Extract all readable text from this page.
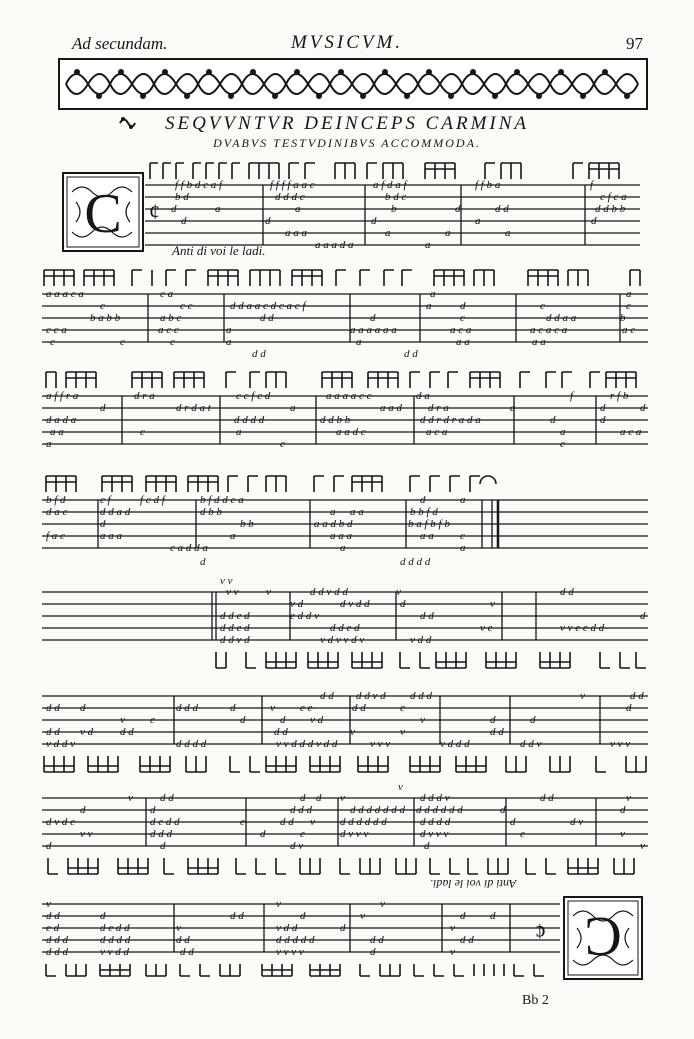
Ad secundam.	MVSICVM.	97
SEQVVNTVR DEINCEPS CARMINA
DVABVS TESTVDINIBVS ACCOMMODA.
C ¢
f f b d c a f	f f f f a a c	a f d a f	f f b a	f
b d	d d d c	b d c	c f c a
d	a	a	b	d	d d	d d b b
d	d	d	a	d
a a a	a	a	a
a a a d a	a
Anti di voi le ladi.
a a a c a	c a	a	a
c	c c	d d a a c d c a c f	a	d	c	c
b a b b	a b c	d d	d	c	d d a a	b
c c a	a c c	a	a a a a a a	a c a	a c a c a	a c
c	c	c	a	a	a a	a a
d d	d d
a f f r a	d r a	c c f c d	a a a a c c	d a	f	r f b
d	d r d a t	a	a a d d r a	a	d	d
d a d a	d d d d	d d b b	d d r d r a d a	d	d
a a	c	a	a a d c	a c a	a	a c a
a	c	c
b f d	c f	f c d f	b f d d c a	d	a
d a c	d d a d	d b b	a a a	b b f d
d	b b	a a d b d	b a f b f b
f a c	a a a	a	a a a	a a c
c a d d a	a	a
d	d d d d
v v
v v v	d d v d d	v	d d
v d	d v d d	d	v
d d e d	e d d v	d d	d
d d e d	d d e d	v e	v v e e d d
d d v d	v d v v d v	v d d
d d d d v d d d d	v	d d
d d d	d d d	d	v e e	d d	e	d
v e	d	d v d	v	d	d
d d v d d d	d d	v	v	d d
v d d v	d d d d	v v d d d v d d	v v v	v d d d	d d v	v v v
v
v d d	d d v	d d d v	d d	v
d	d	d d d	d d d d d d d d d d d d d	d	d
d v d e	d e d d	e	d d v d d d d d d	d d d d	d	d v
v v	d d d	d	e	d v v v	d v v v	e	v
d	d	d v	d	v
Anti di voi le ladi.
¢
v	v	v
d d	d	d d	d	v	d d
e d	d e d d	v	v d d	d	v
d d d	d d d d	d d	d d d d d	d d	d d
d d d	v v d d	d d	v v v v	d	v C
Bb 2
